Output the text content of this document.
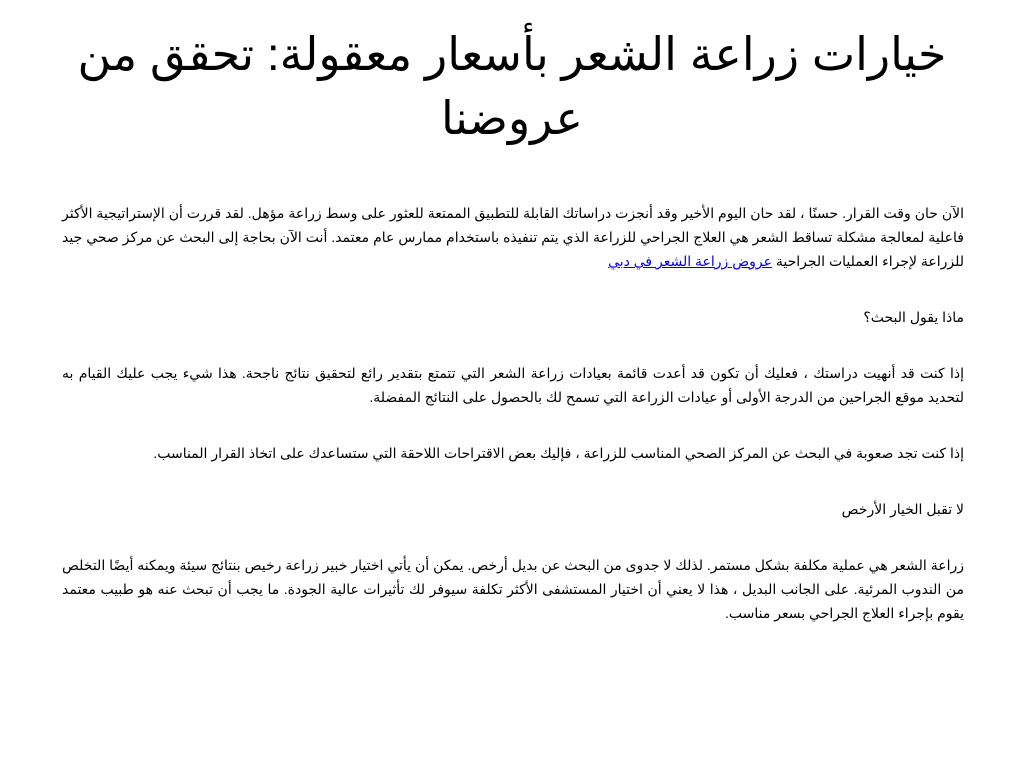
خيارات زراعة الشعر بأسعار معقولة: تحقق من عروضنا

الآن حان وقت القرار. حسنًا ، لقد حان اليوم الأخير وقد أنجزت دراساتك القابلة للتطبيق الممتعة للعثور على وسط زراعة مؤهل. لقد قررت أن الإستراتيجية الأكثر فاعلية لمعالجة مشكلة تساقط الشعر هي العلاج الجراحي للزراعة الذي يتم تنفيذه باستخدام ممارس عام معتمد. أنت الآن بحاجة إلى البحث عن مركز صحي جيد للزراعة لإجراء العمليات الجراحية عروض زراعة الشعر في دبي

ماذا يقول البحث؟

إذا كنت قد أنهيت دراستك ، فعليك أن تكون قد أعدت قائمة بعيادات زراعة الشعر التي تتمتع بتقدير رائع لتحقيق نتائج ناجحة. هذا شيء يجب عليك القيام به لتحديد موقع الجراحين من الدرجة الأولى أو عيادات الزراعة التي تسمح لك بالحصول على النتائج المفضلة.

إذا كنت تجد صعوبة في البحث عن المركز الصحي المناسب للزراعة ، فإليك بعض الاقتراحات اللاحقة التي ستساعدك على اتخاذ القرار المناسب.

لا تقبل الخيار الأرخص

زراعة الشعر هي عملية مكلفة بشكل مستمر. لذلك لا جدوى من البحث عن بديل أرخص. يمكن أن يأتي اختيار خبير زراعة رخيص بنتائج سيئة ويمكنه أيضًا التخلص من الندوب المرئية. على الجانب البديل ، هذا لا يعني أن اختيار المستشفى الأكثر تكلفة سيوفر لك تأثيرات عالية الجودة. ما يجب أن تبحث عنه هو طبيب معتمد يقوم بإجراء العلاج الجراحي بسعر مناسب.
